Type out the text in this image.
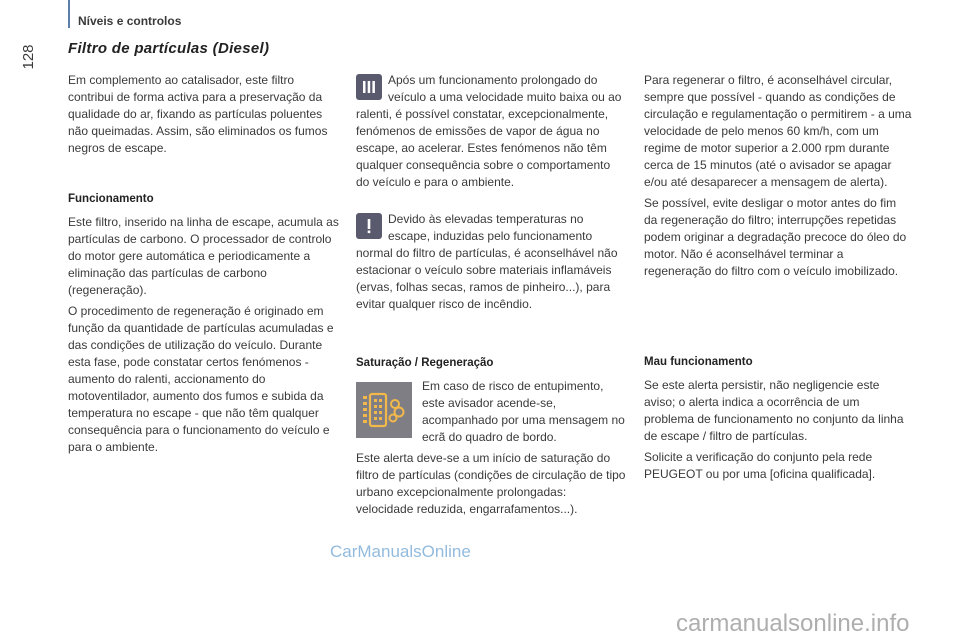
Níveis e controlos
128	Filtro de partículas (Diesel)

Em complemento ao catalisador, este filtro contribui de forma activa para a preservação da qualidade do ar, fixando as partículas poluentes não queimadas. Assim, são eliminados os fumos negros de escape.

Funcionamento

Este filtro, inserido na linha de escape, acumula as partículas de carbono. O processador de controlo do motor gere automática e periodicamente a eliminação das partículas de carbono (regeneração).

O procedimento de regeneração é originado em função da quantidade de partículas acumuladas e das condições de utilização do veículo. Durante esta fase, pode constatar certos fenómenos - aumento do ralenti, accionamento do motoventilador, aumento dos fumos e subida da temperatura no escape - que não têm qualquer consequência para o funcionamento do veículo e para o ambiente.

Após um funcionamento prolongado do veículo a uma velocidade muito baixa ou ao ralenti, é possível constatar, excepcionalmente, fenómenos de emissões de vapor de água no escape, ao acelerar. Estes fenómenos não têm qualquer consequência sobre o comportamento do veículo e para o ambiente.

Devido às elevadas temperaturas no escape, induzidas pelo funcionamento normal do filtro de partículas, é aconselhável não estacionar o veículo sobre materiais inflamáveis (ervas, folhas secas, ramos de pinheiro...), para evitar qualquer risco de incêndio.

Saturação / Regeneração

Em caso de risco de entupimento, este avisador acende-se, acompanhado por uma mensagem no ecrã do quadro de bordo.

Este alerta deve-se a um início de saturação do filtro de partículas (condições de circulação de tipo urbano excepcionalmente prolongadas: velocidade reduzida, engarrafamentos...).

Para regenerar o filtro, é aconselhável circular, sempre que possível - quando as condições de circulação e regulamentação o permitirem - a uma velocidade de pelo menos 60 km/h, com um regime de motor superior a 2.000 rpm durante cerca de 15 minutos (até o avisador se apagar e/ou até desaparecer a mensagem de alerta).

Se possível, evite desligar o motor antes do fim da regeneração do filtro; interrupções repetidas podem originar a degradação precoce do óleo do motor. Não é aconselhável terminar a regeneração do filtro com o veículo imobilizado.

Mau funcionamento

Se este alerta persistir, não negligencie este aviso; o alerta indica a ocorrência de um problema de funcionamento no conjunto da linha de escape / filtro de partículas.

Solicite a verificação do conjunto pela rede PEUGEOT ou por uma [oficina qualificada].

CarManualsOnline
carmanualsonline.info
